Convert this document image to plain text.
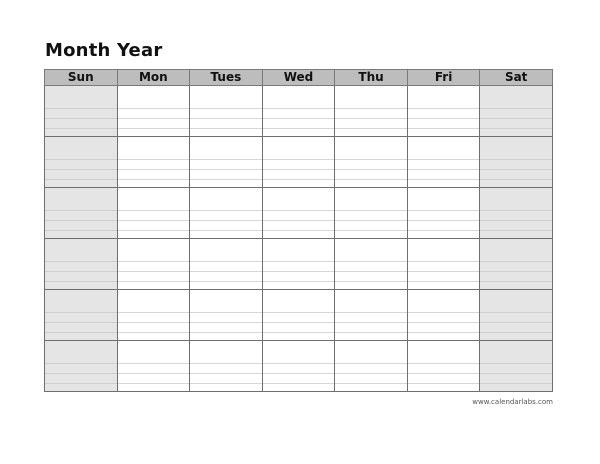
Month Year
Sun	Mon	Tues	Wed	Thu	Fri	Sat

www.calendarlabs.com
